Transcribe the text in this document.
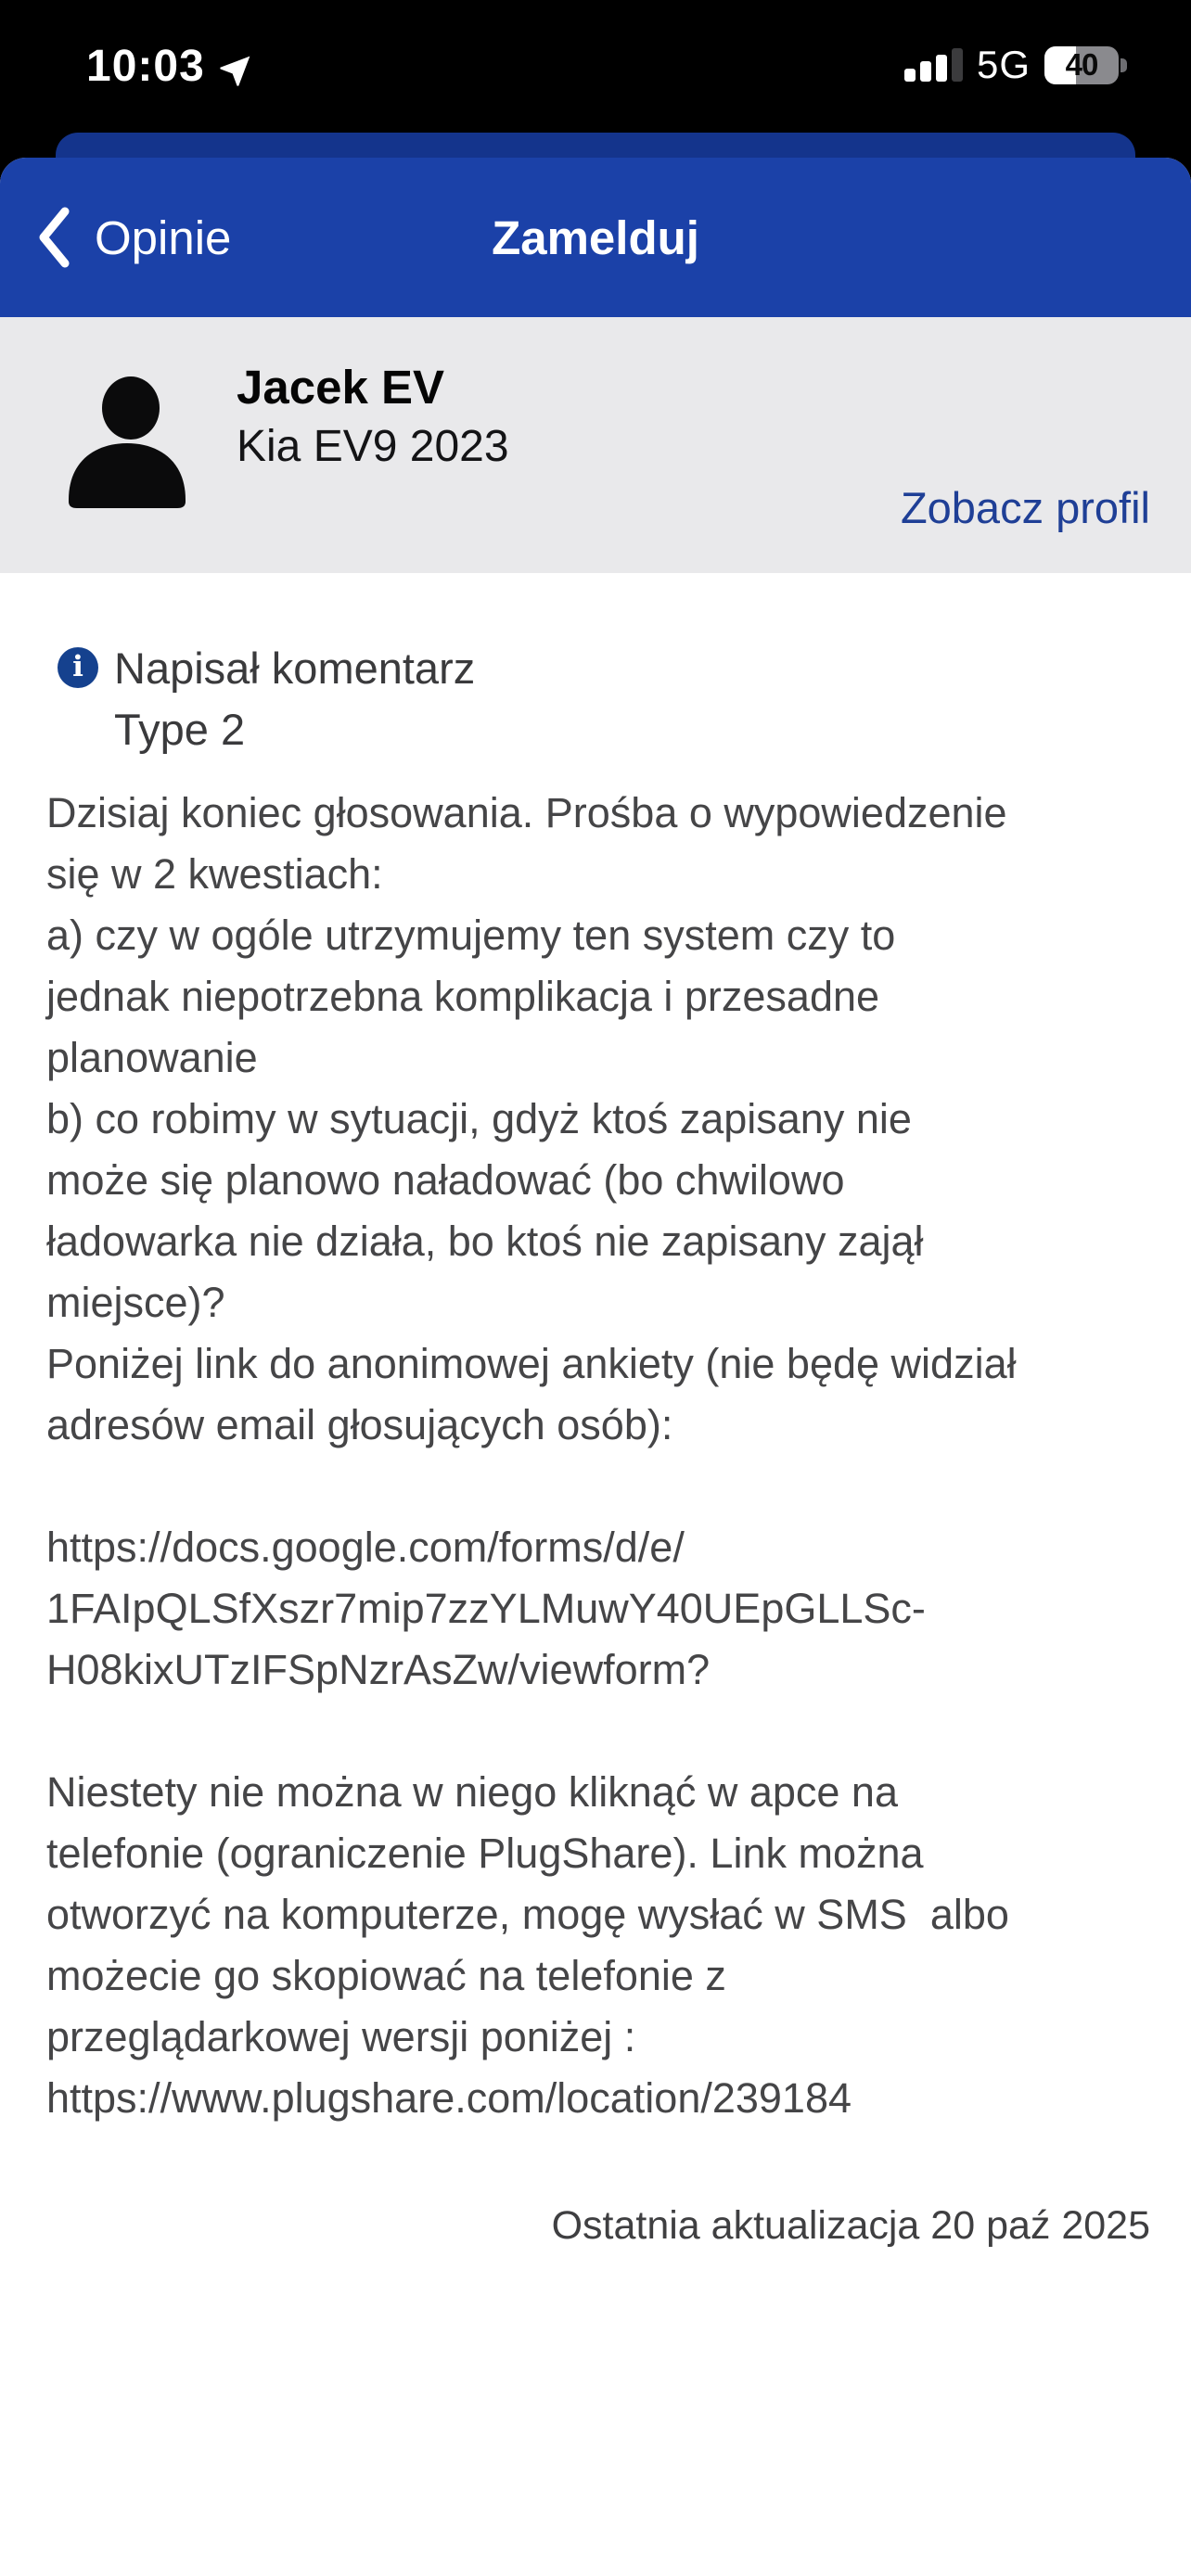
10:03	5G	40
Opinie	Zamelduj
Jacek EV
Kia EV9 2023
Zobacz profil
i Napisał komentarz
Type 2
Dzisiaj koniec głosowania. Prośba o wypowiedzenie
się w 2 kwestiach:
a) czy w ogóle utrzymujemy ten system czy to
jednak niepotrzebna komplikacja i przesadne
planowanie
b) co robimy w sytuacji, gdyż ktoś zapisany nie
może się planowo naładować (bo chwilowo
ładowarka nie działa, bo ktoś nie zapisany zajął
miejsce)?
Poniżej link do anonimowej ankiety (nie będę widział
adresów email głosujących osób):
https://docs.google.com/forms/d/e/
1FAIpQLSfXszr7mip7zzYLMuwY40UEpGLLSc-
H08kixUTzIFSpNzrAsZw/viewform?
Niestety nie można w niego kliknąć w apce na
telefonie (ograniczenie PlugShare). Link można
otworzyć na komputerze, mogę wysłać w SMS  albo
możecie go skopiować na telefonie z
przeglądarkowej wersji poniżej :
https://www.plugshare.com/location/239184
Ostatnia aktualizacja 20 paź 2025
